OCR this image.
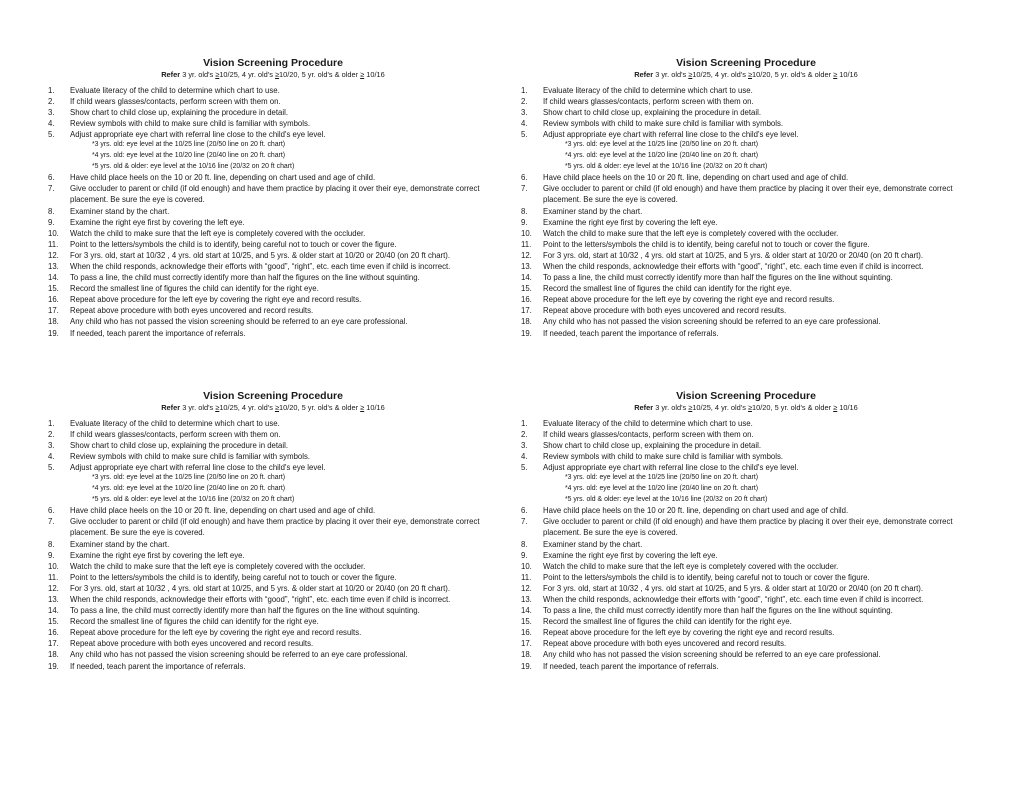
Vision Screening Procedure
Refer 3 yr. old's ≥10/25, 4 yr. old's ≥10/20, 5 yr. old's & older ≥ 10/16
1. Evaluate literacy of the child to determine which chart to use.
2. If child wears glasses/contacts, perform screen with them on.
3. Show chart to child close up, explaining the procedure in detail.
4. Review symbols with child to make sure child is familiar with symbols.
5. Adjust appropriate eye chart with referral line close to the child's eye level.
*3 yrs. old: eye level at the 10/25 line (20/50 line on 20 ft. chart)
*4 yrs. old: eye level at the 10/20 line (20/40 line on 20 ft. chart)
*5 yrs. old & older: eye level at the 10/16 line (20/32 on 20 ft chart)
6. Have child place heels on the 10 or 20 ft. line, depending on chart used and age of child.
7. Give occluder to parent or child (if old enough) and have them practice by placing it over their eye, demonstrate correct placement. Be sure the eye is covered.
8. Examiner stand by the chart.
9. Examine the right eye first by covering the left eye.
10. Watch the child to make sure that the left eye is completely covered with the occluder.
11. Point to the letters/symbols the child is to identify, being careful not to touch or cover the figure.
12. For 3 yrs. old, start at 10/32 , 4 yrs. old start at 10/25, and 5 yrs. & older start at 10/20 or 20/40 (on 20 ft chart).
13. When the child responds, acknowledge their efforts with “good”, “right”, etc. each time even if child is incorrect.
14. To pass a line, the child must correctly identify more than half the figures on the line without squinting.
15. Record the smallest line of figures the child can identify for the right eye.
16. Repeat above procedure for the left eye by covering the right eye and record results.
17. Repeat above procedure with both eyes uncovered and record results.
18. Any child who has not passed the vision screening should be referred to an eye care professional.
19. If needed, teach parent the importance of referrals.
Vision Screening Procedure
Refer 3 yr. old's ≥10/25, 4 yr. old's ≥10/20, 5 yr. old's & older ≥ 10/16
1. Evaluate literacy of the child to determine which chart to use.
2. If child wears glasses/contacts, perform screen with them on.
3. Show chart to child close up, explaining the procedure in detail.
4. Review symbols with child to make sure child is familiar with symbols.
5. Adjust appropriate eye chart with referral line close to the child's eye level.
*3 yrs. old: eye level at the 10/25 line (20/50 line on 20 ft. chart)
*4 yrs. old: eye level at the 10/20 line (20/40 line on 20 ft. chart)
*5 yrs. old & older: eye level at the 10/16 line (20/32 on 20 ft chart)
6. Have child place heels on the 10 or 20 ft. line, depending on chart used and age of child.
7. Give occluder to parent or child (if old enough) and have them practice by placing it over their eye, demonstrate correct placement. Be sure the eye is covered.
8. Examiner stand by the chart.
9. Examine the right eye first by covering the left eye.
10. Watch the child to make sure that the left eye is completely covered with the occluder.
11. Point to the letters/symbols the child is to identify, being careful not to touch or cover the figure.
12. For 3 yrs. old, start at 10/32 , 4 yrs. old start at 10/25, and 5 yrs. & older start at 10/20 or 20/40 (on 20 ft chart).
13. When the child responds, acknowledge their efforts with “good”, “right”, etc. each time even if child is incorrect.
14. To pass a line, the child must correctly identify more than half the figures on the line without squinting.
15. Record the smallest line of figures the child can identify for the right eye.
16. Repeat above procedure for the left eye by covering the right eye and record results.
17. Repeat above procedure with both eyes uncovered and record results.
18. Any child who has not passed the vision screening should be referred to an eye care professional.
19. If needed, teach parent the importance of referrals.
Vision Screening Procedure
Refer 3 yr. old's ≥10/25, 4 yr. old's ≥10/20, 5 yr. old's & older ≥ 10/16
1. Evaluate literacy of the child to determine which chart to use.
2. If child wears glasses/contacts, perform screen with them on.
3. Show chart to child close up, explaining the procedure in detail.
4. Review symbols with child to make sure child is familiar with symbols.
5. Adjust appropriate eye chart with referral line close to the child's eye level.
*3 yrs. old: eye level at the 10/25 line (20/50 line on 20 ft. chart)
*4 yrs. old: eye level at the 10/20 line (20/40 line on 20 ft. chart)
*5 yrs. old & older: eye level at the 10/16 line (20/32 on 20 ft chart)
6. Have child place heels on the 10 or 20 ft. line, depending on chart used and age of child.
7. Give occluder to parent or child (if old enough) and have them practice by placing it over their eye, demonstrate correct placement. Be sure the eye is covered.
8. Examiner stand by the chart.
9. Examine the right eye first by covering the left eye.
10. Watch the child to make sure that the left eye is completely covered with the occluder.
11. Point to the letters/symbols the child is to identify, being careful not to touch or cover the figure.
12. For 3 yrs. old, start at 10/32 , 4 yrs. old start at 10/25, and 5 yrs. & older start at 10/20 or 20/40 (on 20 ft chart).
13. When the child responds, acknowledge their efforts with “good”, “right”, etc. each time even if child is incorrect.
14. To pass a line, the child must correctly identify more than half the figures on the line without squinting.
15. Record the smallest line of figures the child can identify for the right eye.
16. Repeat above procedure for the left eye by covering the right eye and record results.
17. Repeat above procedure with both eyes uncovered and record results.
18. Any child who has not passed the vision screening should be referred to an eye care professional.
19. If needed, teach parent the importance of referrals.
Vision Screening Procedure
Refer 3 yr. old's ≥10/25, 4 yr. old's ≥10/20, 5 yr. old's & older ≥ 10/16
1. Evaluate literacy of the child to determine which chart to use.
2. If child wears glasses/contacts, perform screen with them on.
3. Show chart to child close up, explaining the procedure in detail.
4. Review symbols with child to make sure child is familiar with symbols.
5. Adjust appropriate eye chart with referral line close to the child's eye level.
*3 yrs. old: eye level at the 10/25 line (20/50 line on 20 ft. chart)
*4 yrs. old: eye level at the 10/20 line (20/40 line on 20 ft. chart)
*5 yrs. old & older: eye level at the 10/16 line (20/32 on 20 ft chart)
6. Have child place heels on the 10 or 20 ft. line, depending on chart used and age of child.
7. Give occluder to parent or child (if old enough) and have them practice by placing it over their eye, demonstrate correct placement. Be sure the eye is covered.
8. Examiner stand by the chart.
9. Examine the right eye first by covering the left eye.
10. Watch the child to make sure that the left eye is completely covered with the occluder.
11. Point to the letters/symbols the child is to identify, being careful not to touch or cover the figure.
12. For 3 yrs. old, start at 10/32 , 4 yrs. old start at 10/25, and 5 yrs. & older start at 10/20 or 20/40 (on 20 ft chart).
13. When the child responds, acknowledge their efforts with “good”, “right”, etc. each time even if child is incorrect.
14. To pass a line, the child must correctly identify more than half the figures on the line without squinting.
15. Record the smallest line of figures the child can identify for the right eye.
16. Repeat above procedure for the left eye by covering the right eye and record results.
17. Repeat above procedure with both eyes uncovered and record results.
18. Any child who has not passed the vision screening should be referred to an eye care professional.
19. If needed, teach parent the importance of referrals.
